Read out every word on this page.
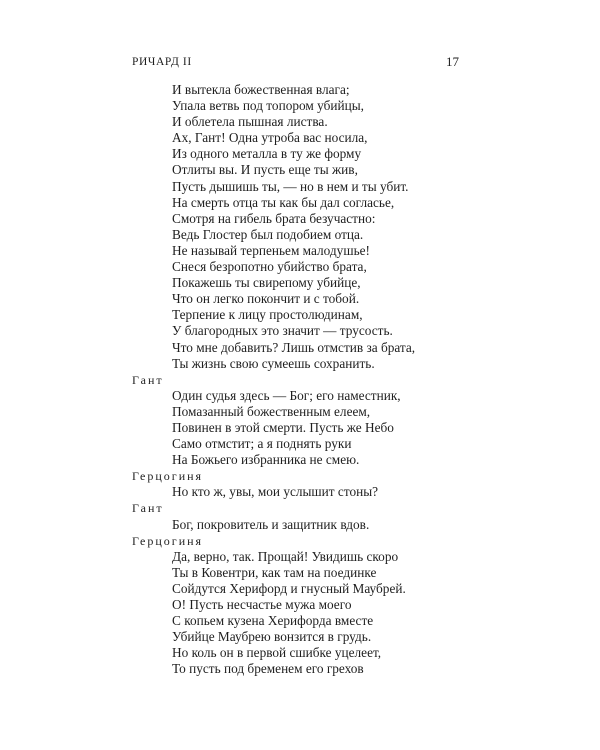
РИЧАРД II	17
И вытекла божественная влага;
Упала ветвь под топором убийцы,
И облетела пышная листва.
Ах, Гант! Одна утроба вас носила,
Из одного металла в ту же форму
Отлиты вы. И пусть еще ты жив,
Пусть дышишь ты, — но в нем и ты убит.
На смерть отца ты как бы дал согласье,
Смотря на гибель брата безучастно:
Ведь Глостер был подобием отца.
Не называй терпеньем малодушье!
Снеся безропотно убийство брата,
Покажешь ты свирепому убийце,
Что он легко покончит и с тобой.
Терпение к лицу простолюдинам,
У благородных это значит — трусость.
Что мне добавить? Лишь отмстив за брата,
Ты жизнь свою сумеешь сохранить.
Гант
Один судья здесь — Бог; его наместник,
Помазанный божественным елеем,
Повинен в этой смерти. Пусть же Небо
Само отмстит; а я поднять руки
На Божьего избранника не смею.
Герцогиня
Но кто ж, увы, мои услышит стоны?
Гант
Бог, покровитель и защитник вдов.
Герцогиня
Да, верно, так. Прощай! Увидишь скоро
Ты в Ковентри, как там на поединке
Сойдутся Херифорд и гнусный Маубрей.
О! Пусть несчастье мужа моего
С копьем кузена Херифорда вместе
Убийце Маубрею вонзится в грудь.
Но коль он в первой сшибке уцелеет,
То пусть под бременем его грехов
